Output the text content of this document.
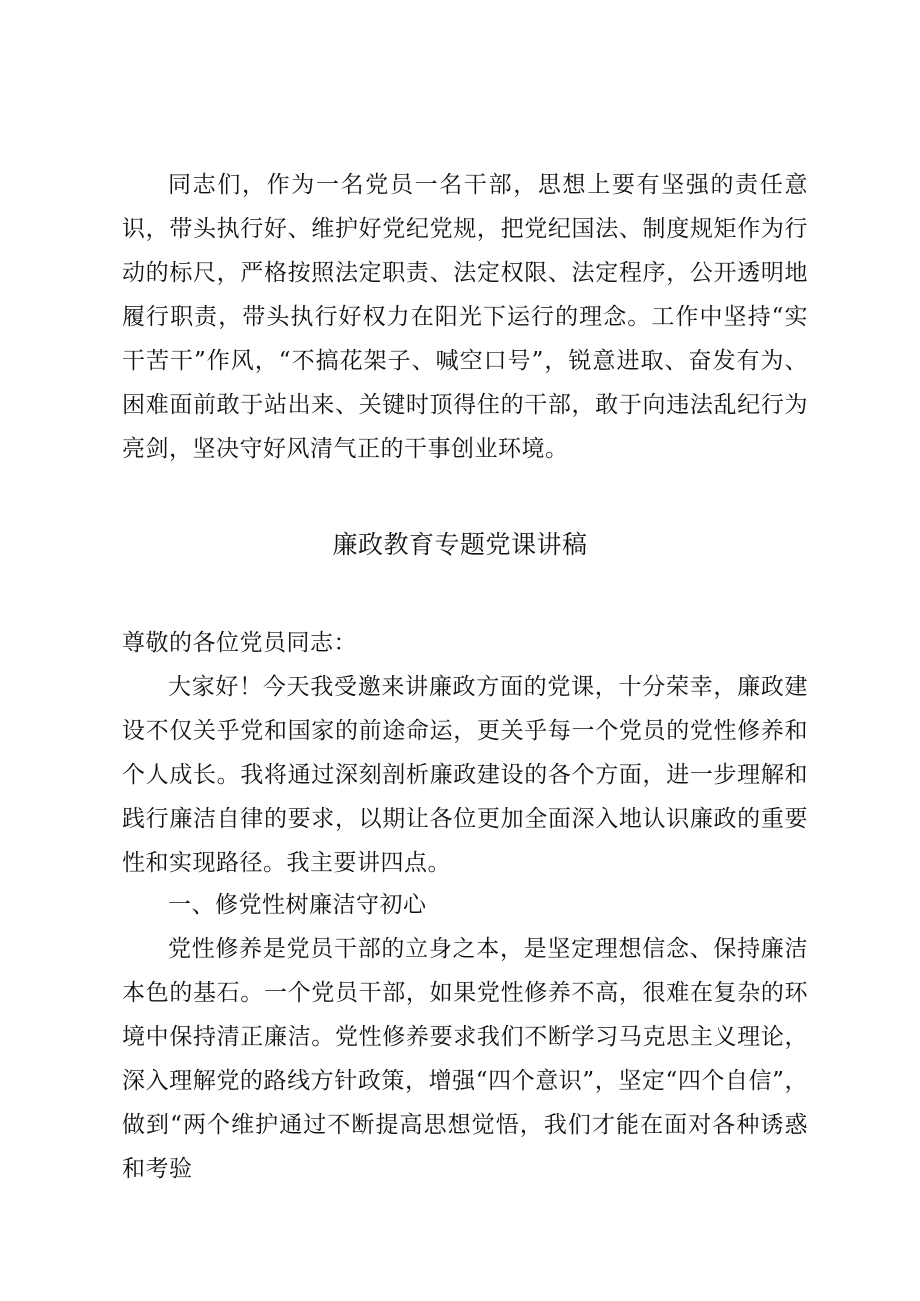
同志们，作为一名党员一名干部，思想上要有坚强的责任意识，带头执行好、维护好党纪党规，把党纪国法、制度规矩作为行动的标尺，严格按照法定职责、法定权限、法定程序，公开透明地履行职责，带头执行好权力在阳光下运行的理念。工作中坚持“实干苦干”作风，“不搞花架子、喊空口号”，锐意进取、奋发有为、困难面前敢于站出来、关键时顶得住的干部，敢于向违法乱纪行为亮剑，坚决守好风清气正的干事创业环境。

廉政教育专题党课讲稿

尊敬的各位党员同志：

大家好！今天我受邀来讲廉政方面的党课，十分荣幸，廉政建设不仅关乎党和国家的前途命运，更关乎每一个党员的党性修养和个人成长。我将通过深刻剖析廉政建设的各个方面，进一步理解和践行廉洁自律的要求，以期让各位更加全面深入地认识廉政的重要性和实现路径。我主要讲四点。

一、修党性树廉洁守初心

党性修养是党员干部的立身之本，是坚定理想信念、保持廉洁本色的基石。一个党员干部，如果党性修养不高，很难在复杂的环境中保持清正廉洁。党性修养要求我们不断学习马克思主义理论，深入理解党的路线方针政策，增强“四个意识”，坚定“四个自信”，做到“两个维护通过不断提高思想觉悟，我们才能在面对各种诱惑和考验
